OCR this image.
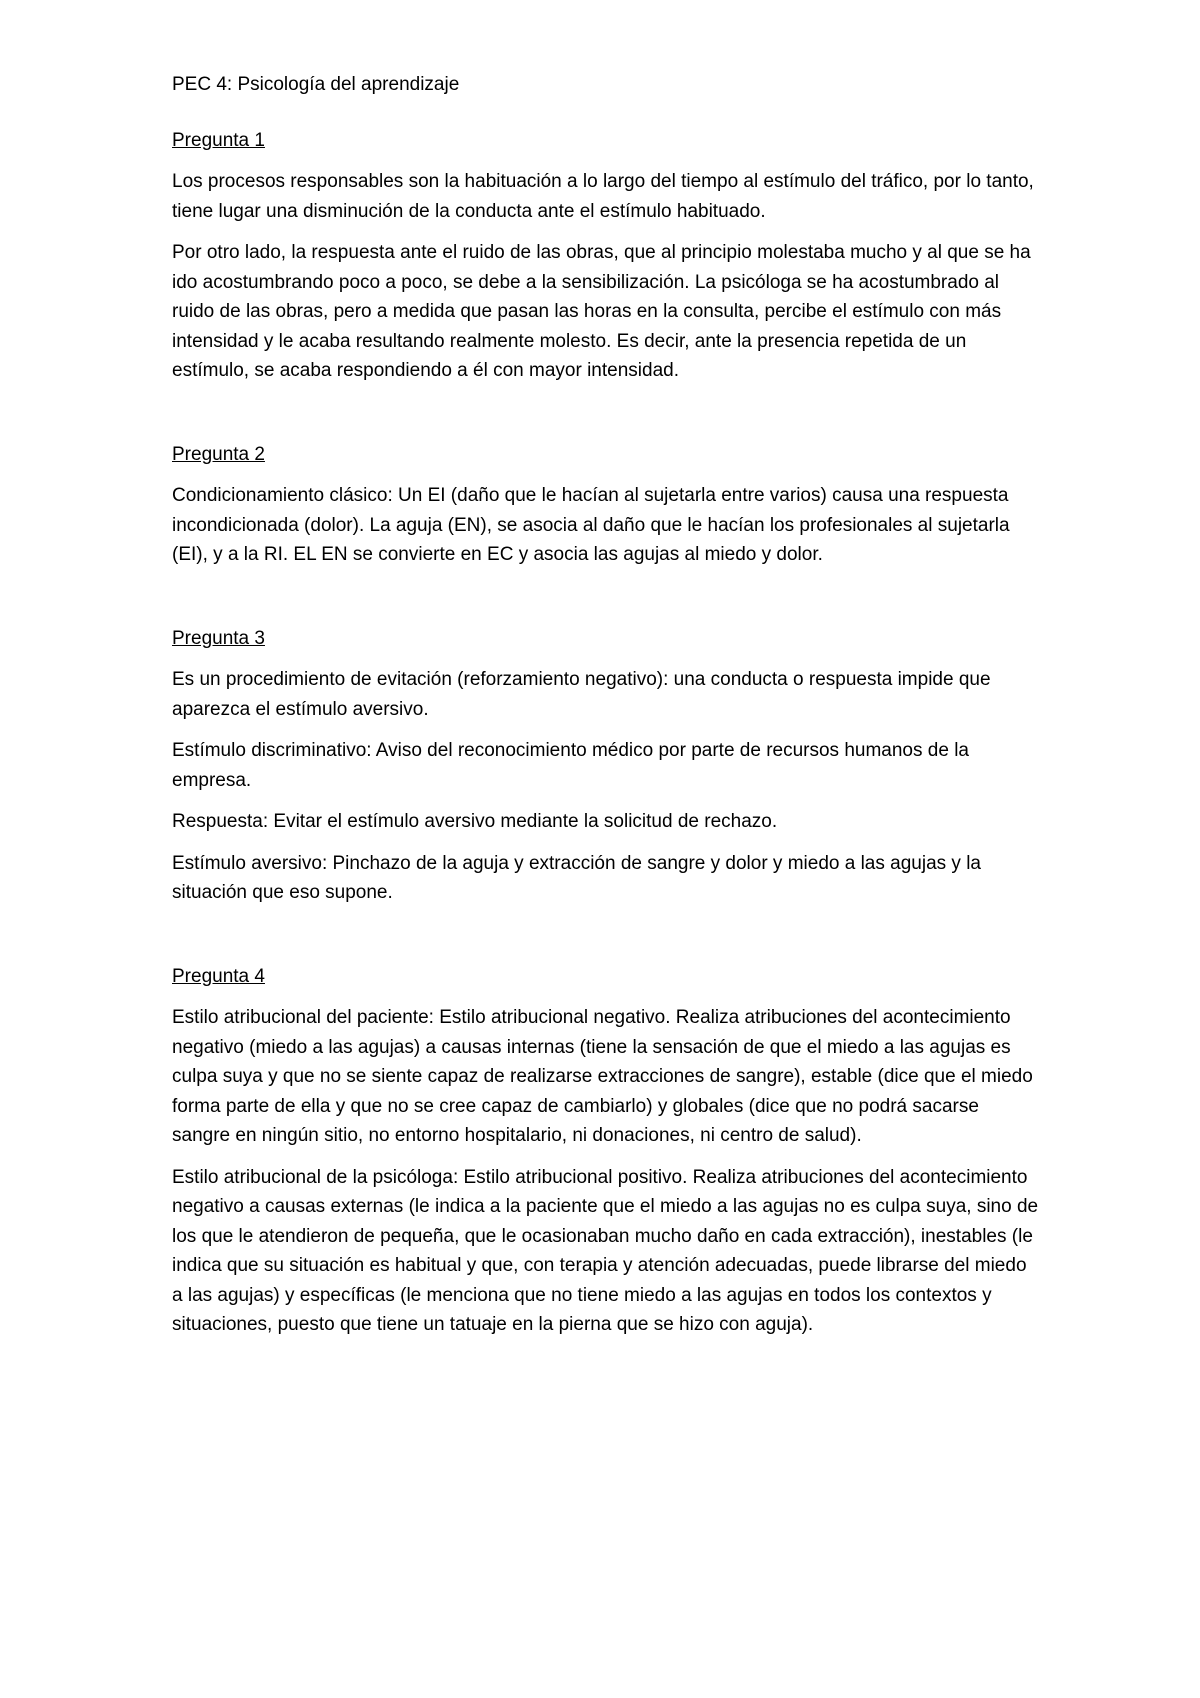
PEC 4: Psicología del aprendizaje
Pregunta 1

Los procesos responsables son la habituación a lo largo del tiempo al estímulo del tráfico, por lo tanto, tiene lugar una disminución de la conducta ante el estímulo habituado.

Por otro lado, la respuesta ante el ruido de las obras, que al principio molestaba mucho y al que se ha ido acostumbrando poco a poco, se debe a la sensibilización. La psicóloga se ha acostumbrado al ruido de las obras, pero a medida que pasan las horas en la consulta, percibe el estímulo con más intensidad y le acaba resultando realmente molesto. Es decir, ante la presencia repetida de un estímulo, se acaba respondiendo a él con mayor intensidad.

Pregunta 2

Condicionamiento clásico: Un EI (daño que le hacían al sujetarla entre varios) causa una respuesta incondicionada (dolor). La aguja (EN), se asocia al daño que le hacían los profesionales al sujetarla (EI), y a la RI. EL EN se convierte en EC y asocia las agujas al miedo y dolor.

Pregunta 3

Es un procedimiento de evitación (reforzamiento negativo): una conducta o respuesta impide que aparezca el estímulo aversivo.

Estímulo discriminativo: Aviso del reconocimiento médico por parte de recursos humanos de la empresa.

Respuesta: Evitar el estímulo aversivo mediante la solicitud de rechazo.

Estímulo aversivo: Pinchazo de la aguja y extracción de sangre y dolor y miedo a las agujas y la situación que eso supone.

Pregunta 4

Estilo atribucional del paciente: Estilo atribucional negativo. Realiza atribuciones del acontecimiento negativo (miedo a las agujas) a causas internas (tiene la sensación de que el miedo a las agujas es culpa suya y que no se siente capaz de realizarse extracciones de sangre), estable (dice que el miedo forma parte de ella y que no se cree capaz de cambiarlo) y globales (dice que no podrá sacarse sangre en ningún sitio, no entorno hospitalario, ni donaciones, ni centro de salud).

Estilo atribucional de la psicóloga: Estilo atribucional positivo. Realiza atribuciones del acontecimiento negativo a causas externas (le indica a la paciente que el miedo a las agujas no es culpa suya, sino de los que le atendieron de pequeña, que le ocasionaban mucho daño en cada extracción), inestables (le indica que su situación es habitual y que, con terapia y atención adecuadas, puede librarse del miedo a las agujas) y específicas (le menciona que no tiene miedo a las agujas en todos los contextos y situaciones, puesto que tiene un tatuaje en la pierna que se hizo con aguja).
